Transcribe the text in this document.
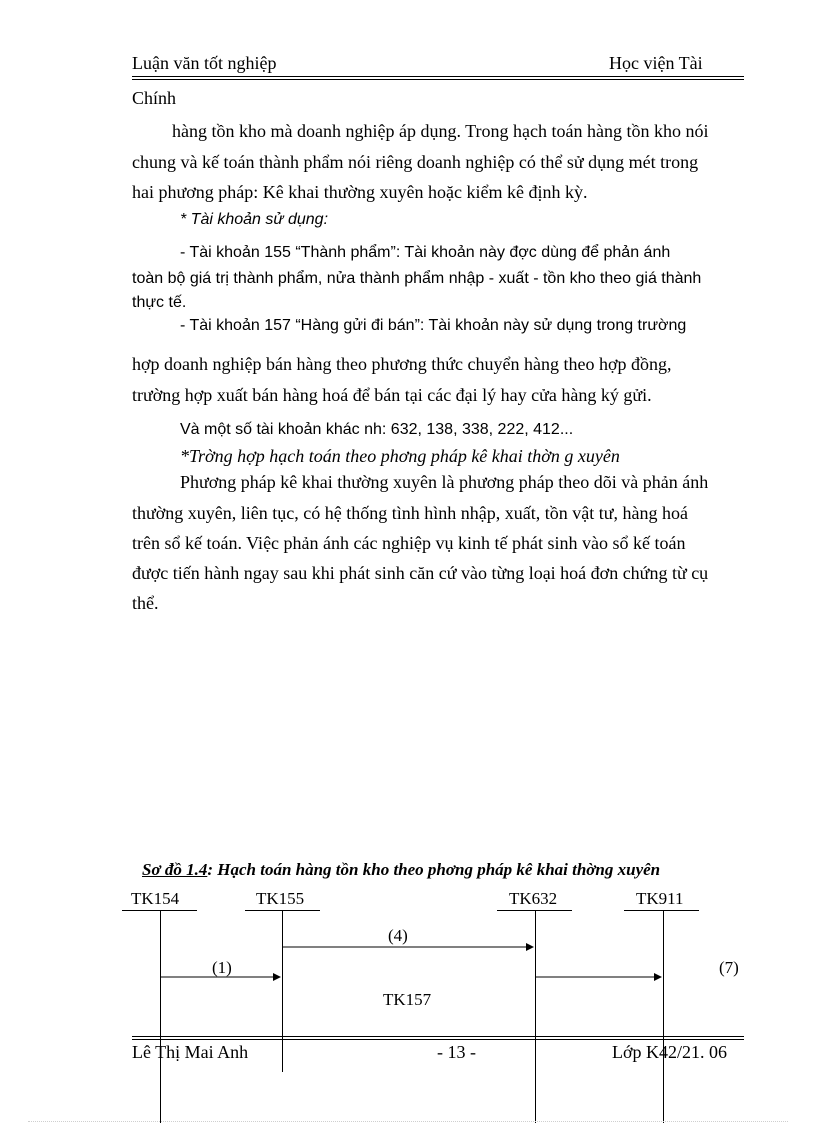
Luận văn tốt nghiệp	Học viện Tài
Chính
hàng tồn kho mà doanh nghiệp áp dụng. Trong hạch toán hàng tồn kho nói
chung và kế toán thành phẩm nói riêng doanh nghiệp có thể sử dụng mét trong
hai phương pháp: Kê khai thường xuyên hoặc kiểm kê định kỳ.
* Tài khoản sử dụng:
- Tài khoản 155 “Thành phẩm”: Tài khoản này đợc dùng để phản ánh
toàn bộ giá trị thành phẩm, nửa thành phẩm nhập - xuất - tồn kho theo giá thành
thực tế.
- Tài khoản 157 “Hàng gửi đi bán”: Tài khoản này sử dụng trong trường
hợp doanh nghiệp bán hàng theo phương thức chuyển hàng theo hợp đồng,
trường hợp xuất bán hàng hoá để bán tại các đại lý hay cửa hàng ký gửi.
Và một số tài khoản khác nh: 632, 138, 338, 222, 412...
*Trờng hợp hạch toán theo phơng pháp kê khai thờn g xuyên
Phương pháp kê khai thường xuyên là phương pháp theo dõi và phản ánh
thường xuyên, liên tục, có hệ thống tình hình nhập, xuất, tồn vật tư, hàng hoá
trên sổ kế toán. Việc phản ánh các nghiệp vụ kinh tế phát sinh vào sổ kế toán
được tiến hành ngay sau khi phát sinh căn cứ vào từng loại hoá đơn chứng từ cụ
thể.
Sơ đồ 1.4: Hạch toán hàng tồn kho theo phơng pháp kê khai thờng xuyên
TK154	TK155	TK632	TK911
(4)
(1)	(7)
TK157
Lê Thị Mai Anh	- 13 -	Lớp K42/21. 06
